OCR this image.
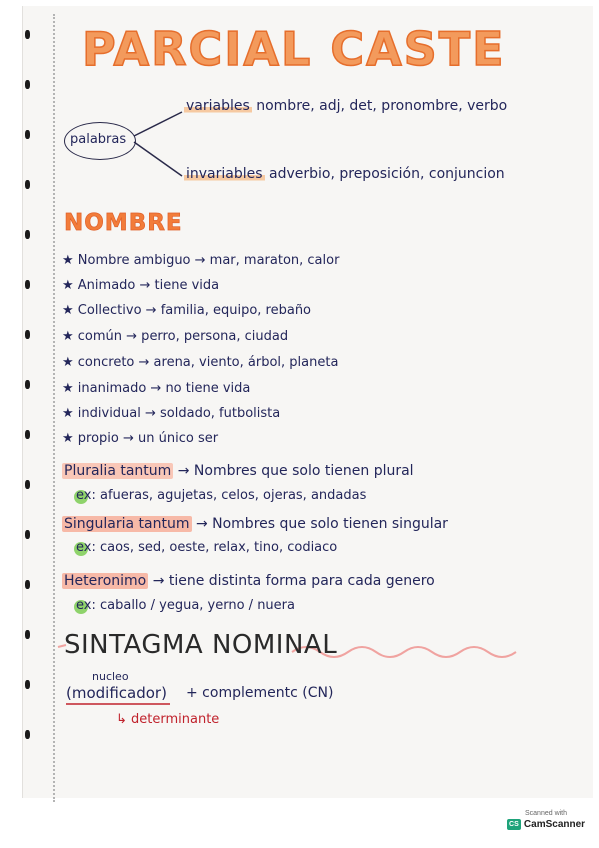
PARCIAL CASTE
palabras
variables nombre, adj, det, pronombre, verbo
invariables adverbio, preposición, conjuncion
NOMBRE
★ Nombre ambiguo → mar, maraton, calor
★ Animado → tiene vida
★ Collectivo → familia, equipo, rebaño
★ común → perro, persona, ciudad
★ concreto → arena, viento, árbol, planeta
★ inanimado → no tiene vida
★ individual → soldado, futbolista
★ propio → un único ser
Pluralia tantum → Nombres que solo tienen plural
ex: afueras, agujetas, celos, ojeras, andadas
Singularia tantum → Nombres que solo tienen singular
ex: caos, sed, oeste, relax, tino, codiaco
Heteronimo → tiene distinta forma para cada genero
ex: caballo / yegua, yerno / nuera
SINTAGMA NOMINAL
nucleo
(modificador) + complementc (CN)
↳ determinante
Scanned with
CS CamScanner
